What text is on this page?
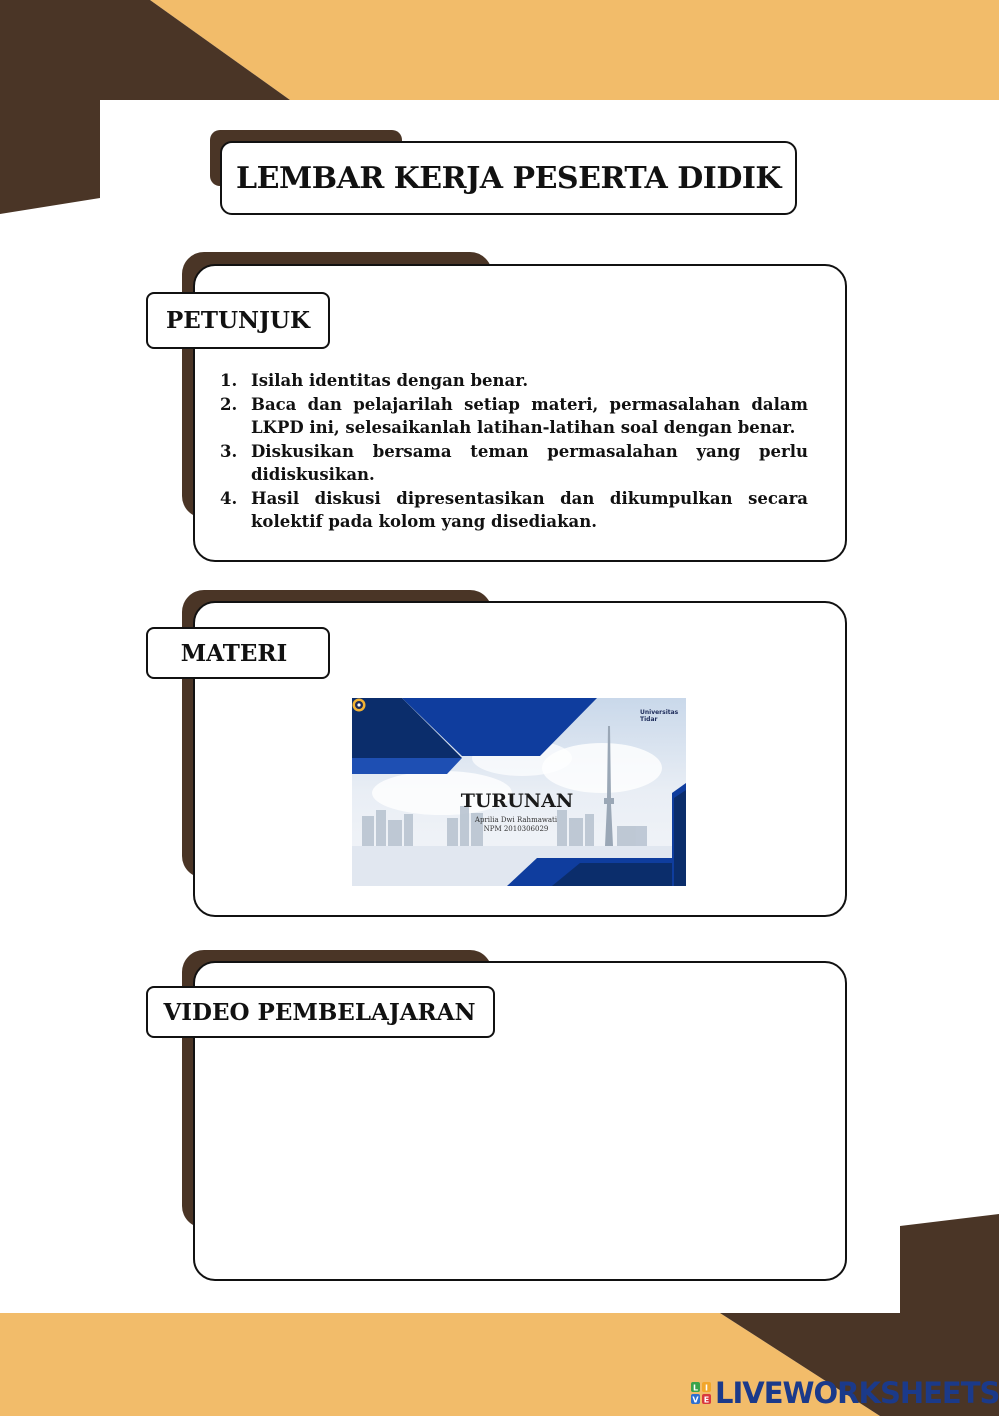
LEMBAR KERJA PESERTA DIDIK
PETUNJUK
1. Isilah identitas dengan benar.
2. Baca dan pelajarilah setiap materi, permasalahan dalam LKPD ini, selesaikanlah latihan-latihan soal dengan benar.
3. Diskusikan bersama teman permasalahan yang perlu didiskusikan.
4. Hasil diskusi dipresentasikan dan dikumpulkan secara kolektif pada kolom yang disediakan.
MATERI
Universitas Tidar
TURUNAN
Aprilia Dwi Rahmawati
NPM 2010306029
VIDEO PEMBELAJARAN
L I
V E LIVEWORKSHEETS
